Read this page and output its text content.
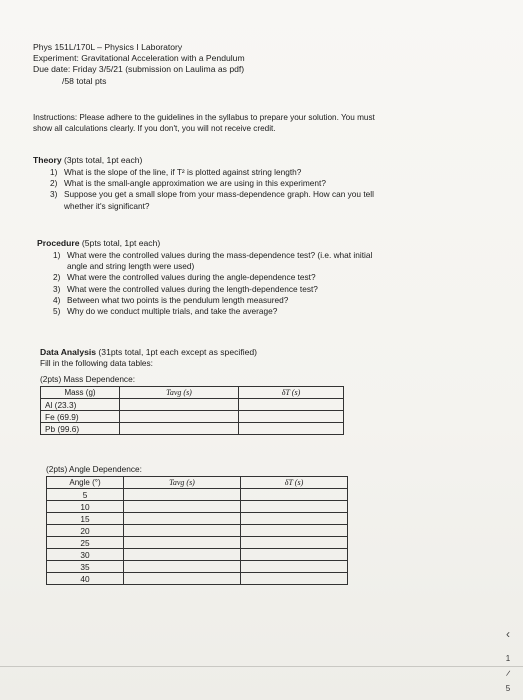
Phys 151L/170L – Physics I Laboratory
Experiment: Gravitational Acceleration with a Pendulum
Due date: Friday 3/5/21 (submission on Laulima as pdf)
/58 total pts
Instructions: Please adhere to the guidelines in the syllabus to prepare your solution. You must
show all calculations clearly. If you don't, you will not receive credit.
Theory (3pts total, 1pt each)
1) What is the slope of the line, if T² is plotted against string length?
2) What is the small-angle approximation we are using in this experiment?
3) Suppose you get a small slope from your mass-dependence graph. How can you tell
whether it's significant?
Procedure (5pts total, 1pt each)
1) What were the controlled values during the mass-dependence test? (i.e. what initial
angle and string length were used)
2) What were the controlled values during the angle-dependence test?
3) What were the controlled values during the length-dependence test?
4) Between what two points is the pendulum length measured?
5) Why do we conduct multiple trials, and take the average?
Data Analysis (31pts total, 1pt each except as specified)
Fill in the following data tables:
(2pts) Mass Dependence:
Mass (g)	Tavg (s)	δT (s)
Al (23.3)		
Fe (69.9)		
Pb (99.6)		
(2pts) Angle Dependence:
Angle (°)	Tavg (s)	δT (s)
5		
10		
15		
20		
25		
30		
35		
40		
‹
1
/
5
